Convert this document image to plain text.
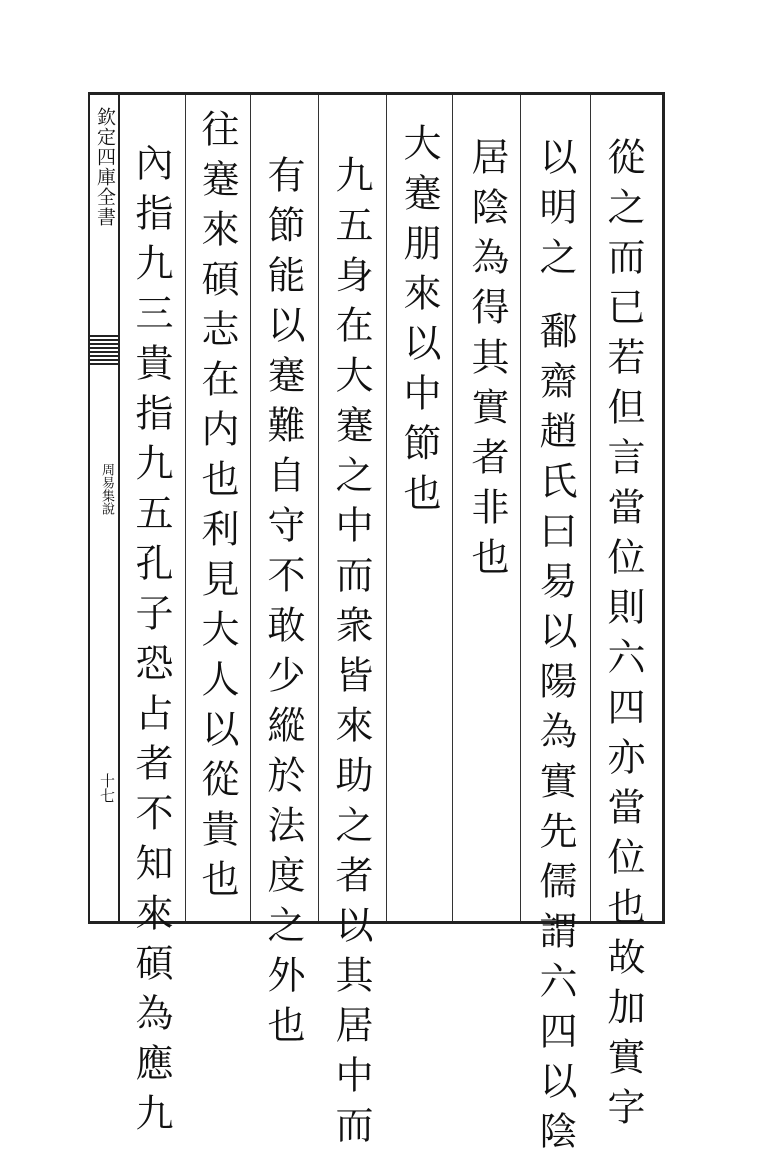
欽定四庫全書
周易集說
十七	從之而已若但言當位則六四亦當位也故加實字
以明之 鄱齋趙氏曰易以陽為實先儒謂六四以陰
居陰為得其實者非也
大蹇朋來以中節也
九五身在大蹇之中而衆皆來助之者以其居中而
有節能以蹇難自守不敢少縱於法度之外也
往蹇來碩志在内也利見大人以從貴也
內指九三貴指九五孔子恐占者不知來碩為應九
